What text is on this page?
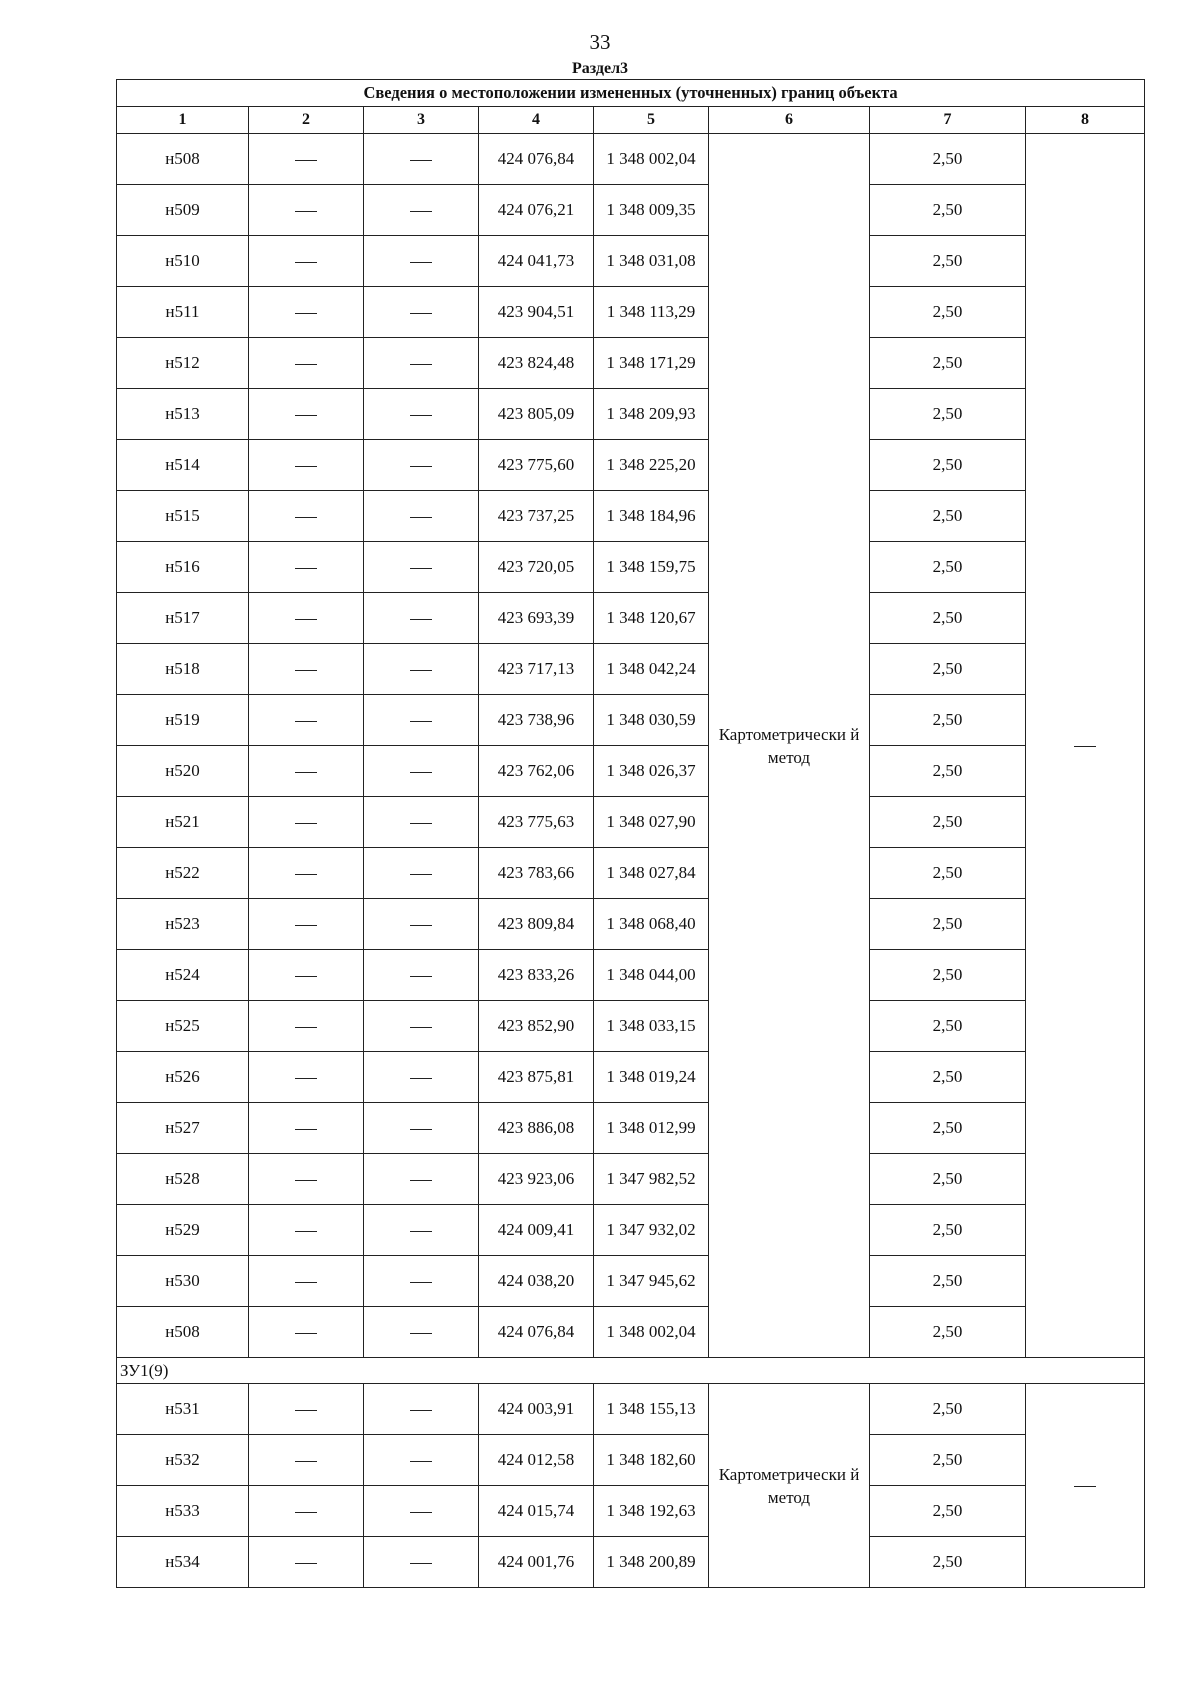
33
Раздел3
Сведения о местоположении измененных (уточненных) границ объекта							
1	2	3	4	5	6	7	8
н508			424 076,84	1 348 002,04	Картометрически й метод	2,50	
н509			424 076,21	1 348 009,35		2,50	
н510			424 041,73	1 348 031,08		2,50	
н511			423 904,51	1 348 113,29		2,50	
н512			423 824,48	1 348 171,29		2,50	
н513			423 805,09	1 348 209,93		2,50	
н514			423 775,60	1 348 225,20		2,50	
н515			423 737,25	1 348 184,96		2,50	
н516			423 720,05	1 348 159,75		2,50	
н517			423 693,39	1 348 120,67		2,50	
н518			423 717,13	1 348 042,24		2,50	
н519			423 738,96	1 348 030,59		2,50	
н520			423 762,06	1 348 026,37		2,50	
н521			423 775,63	1 348 027,90		2,50	
н522			423 783,66	1 348 027,84		2,50	
н523			423 809,84	1 348 068,40		2,50	
н524			423 833,26	1 348 044,00		2,50	
н525			423 852,90	1 348 033,15		2,50	
н526			423 875,81	1 348 019,24		2,50	
н527			423 886,08	1 348 012,99		2,50	
н528			423 923,06	1 347 982,52		2,50	
н529			424 009,41	1 347 932,02		2,50	
н530			424 038,20	1 347 945,62		2,50	
н508			424 076,84	1 348 002,04		2,50	
ЗУ1(9)							
н531			424 003,91	1 348 155,13	Картометрически й метод	2,50	
н532			424 012,58	1 348 182,60		2,50	
н533			424 015,74	1 348 192,63		2,50	
н534			424 001,76	1 348 200,89		2,50	
